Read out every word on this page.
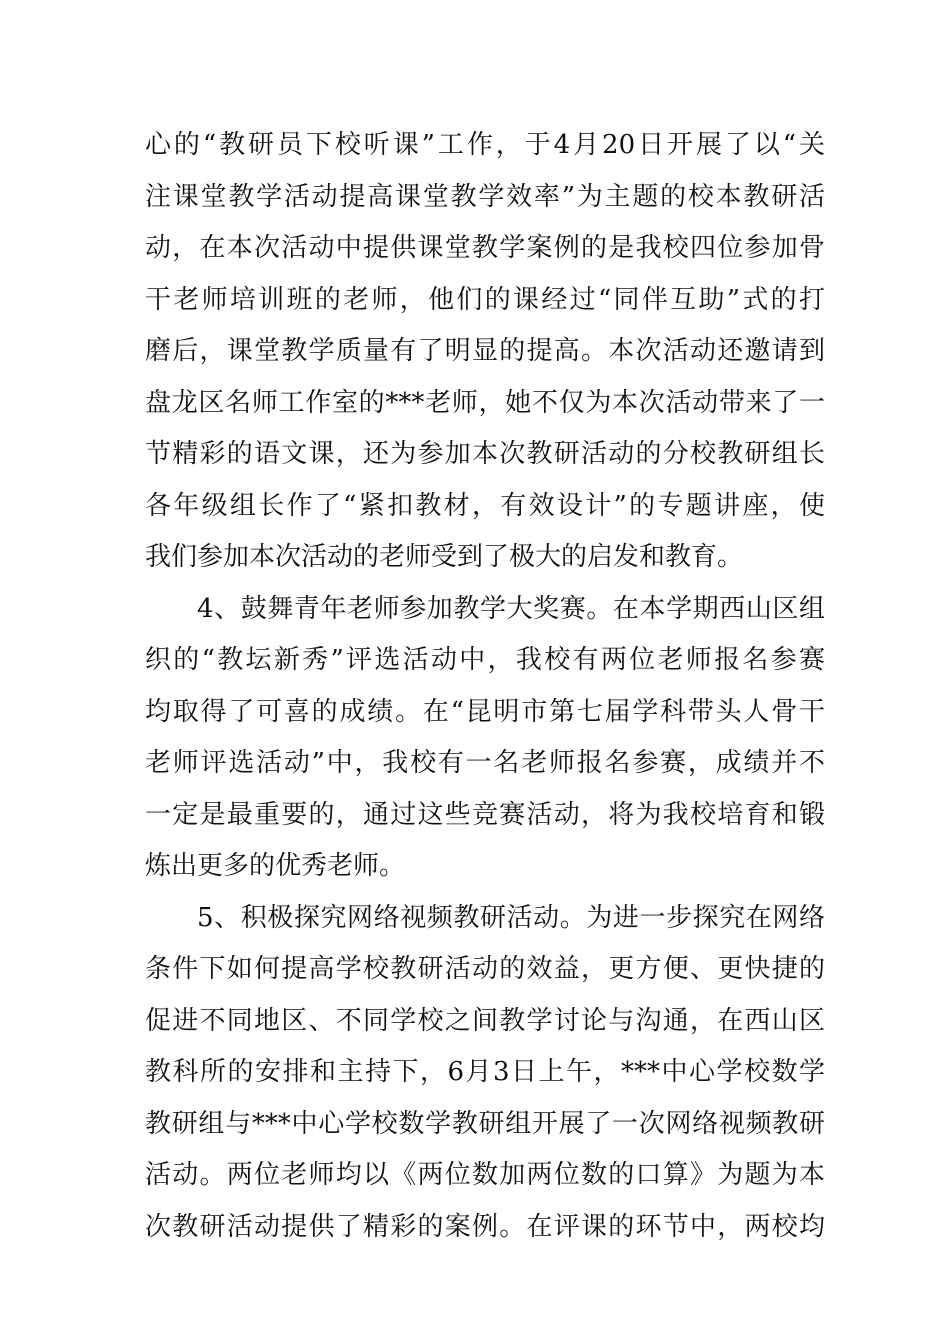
心的“教研员下校听课”工作，于4月20日开展了以“关
注课堂教学活动提高课堂教学效率”为主题的校本教研活
动，在本次活动中提供课堂教学案例的是我校四位参加骨
干老师培训班的老师，他们的课经过“同伴互助”式的打
磨后，课堂教学质量有了明显的提高。本次活动还邀请到
盘龙区名师工作室的***老师，她不仅为本次活动带来了一
节精彩的语文课，还为参加本次教研活动的分校教研组长
各年级组长作了“紧扣教材，有效设计”的专题讲座，使
我们参加本次活动的老师受到了极大的启发和教育。
4、鼓舞青年老师参加教学大奖赛。在本学期西山区组
织的“教坛新秀”评选活动中，我校有两位老师报名参赛
均取得了可喜的成绩。在“昆明市第七届学科带头人骨干
老师评选活动”中，我校有一名老师报名参赛，成绩并不
一定是最重要的，通过这些竞赛活动，将为我校培育和锻
炼出更多的优秀老师。
5、积极探究网络视频教研活动。为进一步探究在网络
条件下如何提高学校教研活动的效益，更方便、更快捷的
促进不同地区、不同学校之间教学讨论与沟通，在西山区
教科所的安排和主持下，6月3日上午，***中心学校数学
教研组与***中心学校数学教研组开展了一次网络视频教研
活动。两位老师均以《两位数加两位数的口算》为题为本
次教研活动提供了精彩的案例。在评课的环节中，两校均
